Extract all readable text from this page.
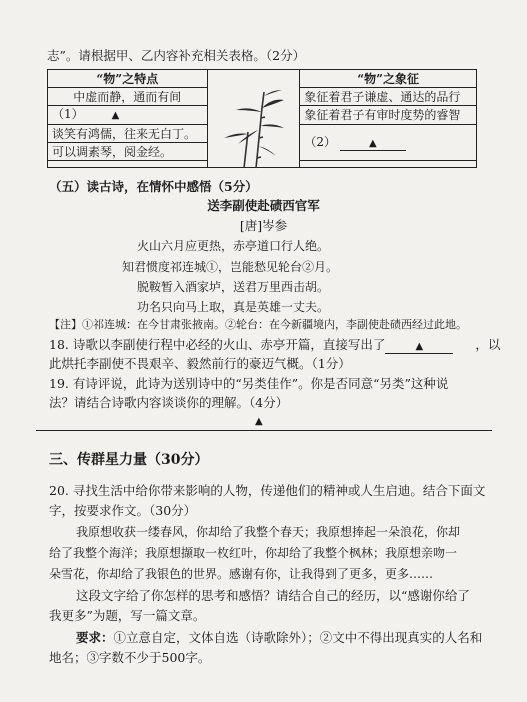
志”。请根据甲、乙内容补充相关表格。（2分）
“物”之特点		“物”之象征
中虚而静，通而有间		象征着君子谦虚、通达的品行
（1） ▲		象征着君子有审时度势的睿智
谈笑有鸿儒，往来无白丁。		（2） ▲
可以调素琴，阅金经。		

（五）读古诗，在情怀中感悟（5分）
送李副使赴碛西官军
[唐]岑参
火山六月应更热，赤亭道口行人绝。
知君惯度祁连城①，岂能愁见轮台②月。
脱鞍暂入酒家垆，送君万里西击胡。
功名只向马上取，真是英雄一丈夫。
【注】①祁连城：在今甘肃张掖南。②轮台：在今新疆境内，李副使赴碛西经过此地。
18. 诗歌以李副使行程中必经的火山、赤亭开篇，直接写出了	▲	，以
此烘托李副使不畏艰辛、毅然前行的豪迈气概。（1分）
19. 有诗评说，此诗为送别诗中的“另类佳作”。你是否同意“另类”这种说
法？请结合诗歌内容谈谈你的理解。（4分）
▲
三、传群星力量（30分）
20. 寻找生活中给你带来影响的人物，传递他们的精神或人生启迪。结合下面文
字，按要求作文。（30分）
我原想收获一缕春风，你却给了我整个春天；我原想捧起一朵浪花，你却
给了我整个海洋；我原想撷取一枚红叶，你却给了我整个枫林；我原想亲吻一
朵雪花，你却给了我银色的世界。感谢有你，让我得到了更多，更多……
这段文字给了你怎样的思考和感悟？请结合自己的经历，以“感谢你给了
我更多”为题，写一篇文章。
要求：①立意自定，文体自选（诗歌除外）；②文中不得出现真实的人名和
地名；③字数不少于500字。
